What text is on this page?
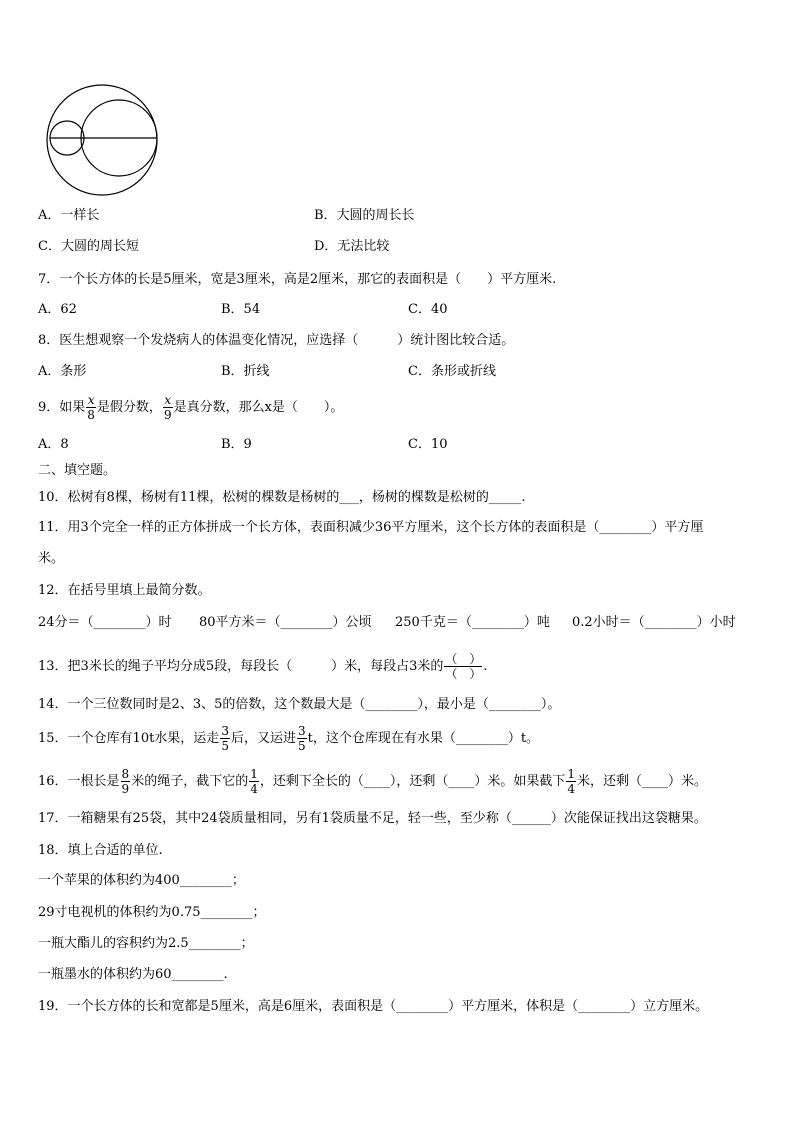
A．一样长	B．大圆的周长长
C．大圆的周长短	D．无法比较
7．一个长方体的长是5厘米，宽是3厘米，高是2厘米，那它的表面积是（　　）平方厘米.
A．62	B．54	C．40
8．医生想观察一个发烧病人的体温变化情况，应选择（　　　）统计图比较合适。
A．条形	B．折线	C．条形或折线
9．如果 $\frac{x}{8}$ 是假分数， $\frac{x}{9}$ 是真分数，那么x是（　　）。
A．8	B．9	C．10
二、填空题。
10．松树有8棵，杨树有11棵，松树的棵数是杨树的___，杨树的棵数是松树的_____.
11．用3个完全一样的正方体拼成一个长方体，表面积减少36平方厘米，这个长方体的表面积是（________）平方厘
米。
12．在括号里填上最简分数。
24分＝（________）时 80平方米＝（________）公顷 250千克＝（________）吨 0.2小时＝（________）小时
13．把3米长的绳子平均分成5段，每段长（　　　）米，每段占3米的 $\frac{( )}{( )}$ .
14．一个三位数同时是2、3、5的倍数，这个数最大是（________），最小是（________）。
15．一个仓库有10t水果，运走 $\frac{3}{5}$ 后，又运进 $\frac{3}{5}$ t，这个仓库现在有水果（________）t。
16．一根长是 $\frac{8}{9}$ 米的绳子，截下它的 $\frac{1}{4}$ ，还剩下全长的（____），还剩（____）米。如果截下 $\frac{1}{4}$ 米，还剩（____）米。
17．一箱糖果有25袋，其中24袋质量相同，另有1袋质量不足，轻一些，至少称（______）次能保证找出这袋糖果。
18．填上合适的单位.
一个苹果的体积约为400________；
29寸电视机的体积约为0.75________；
一瓶大酯儿的容积约为2.5________；
一瓶墨水的体积约为60________.
19．一个长方体的长和宽都是5厘米，高是6厘米，表面积是（________）平方厘米，体积是（________）立方厘米。
